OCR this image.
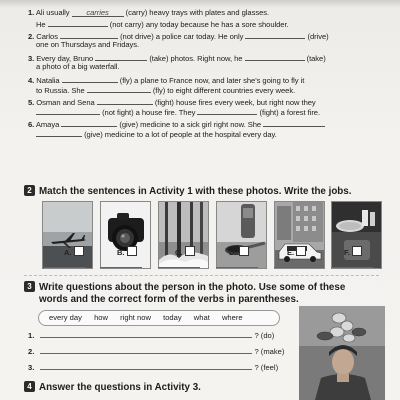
1. Ali usually carries (carry) heavy trays with plates and glasses.
He	(not carry) any today because he has a sore shoulder.
2. Carlos	(not drive) a police car today. He only	(drive)
one on Thursdays and Fridays.
3. Every day, Bruno	(take) photos. Right now, he	(take)
a photo of a big waterfall.
4. Natalia	(fly) a plane to France now, and later she's going to fly it
to Russia. She	(fly) to eight different countries every week.
5. Osman and Sena	(fight) house fires every week, but right now they
(not fight) a house fire. They	(fight) a forest fire.
6. Amaya	(give) medicine to a sick girl right now. She
(give) medicine to a lot of people at the hospital every day.
2 Match the sentences in Activity 1 with these photos. Write the jobs.
A.	B.	C.	D.	E.	F.
3 Write questions about the person in the photo. Use some of these
words and the correct form of the verbs in parentheses.
every day how right now today what where
1.	? (do)
2.	? (make)
3.	? (feel)
4 Answer the questions in Activity 3.
